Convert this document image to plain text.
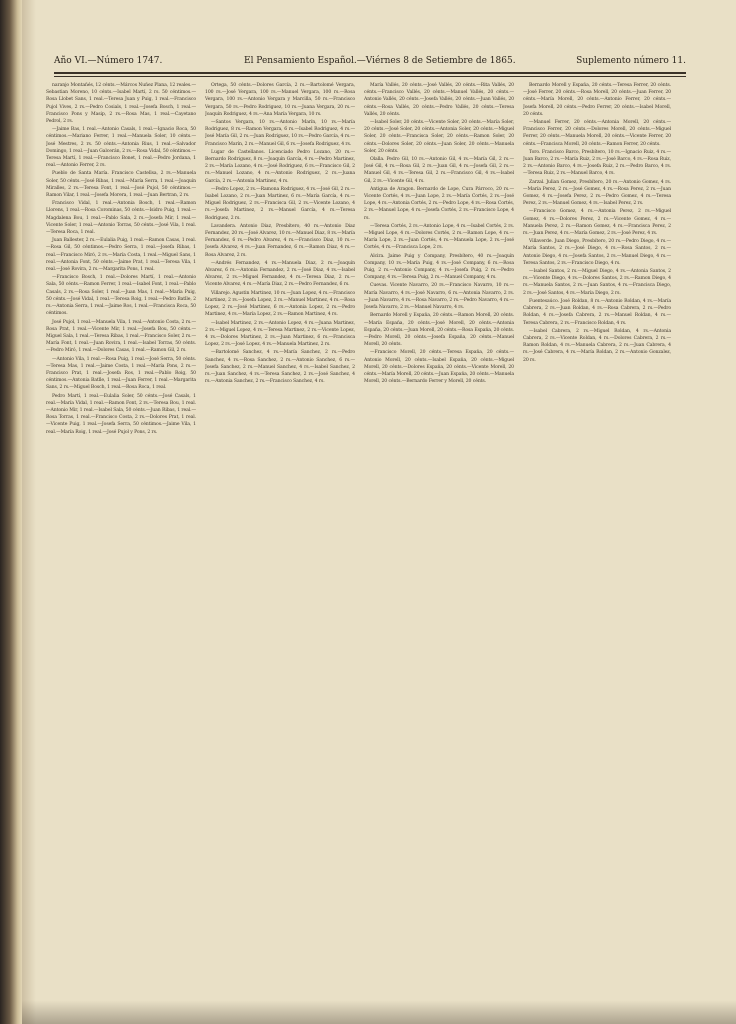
Año VI.—Número 1747.	El Pensamiento Español.—Viérnes 8 de Setiembre de 1865.	Suplemento número 11.

naranjo Montañés, 12 cénts.—Márcos Nuñez Plana, 12 reales.—Sebastian Moreno, 10 cénts.—Isabel Martí, 2 rs. 50 céntimos.—Rosa Llobet Sans, 1 real.—Teresa Juan y Puig, 1 real.—Francisco Pujol Vives, 2 rs.—Pedro Cosials, 1 real.—Josefa Bosch, 1 real.—Francisco Pons y Masip, 2 rs.—Rosa Mas, 1 real.—Cayetano Pedrol, 2 rs.

—Jaime Bas, 1 real.—Antonio Casals, 1 real.—Ignacio Roca, 50 céntimos.—Mariano Ferrer, 1 real.—Manuela Soler, 10 cénts.—José Mestres, 2 rs. 50 cénts.—Antonia Rius, 1 real.—Salvador Domingo, 1 real.—Juan Galcerán, 2 rs.—Rosa Vidal, 50 céntimos.—Teresa Martí, 1 real.—Francisco Bonet, 1 real.—Pedro Jordana, 1 real.—Antonio Ferrer, 2 rs.

Pueblo de Santa María. Francisco Castellsa, 2 rs.—Manuela Soler, 50 cénts.—José Ribas, 1 real.—María Serra, 1 real.—Joaquín Miralles, 2 rs.—Teresa Font, 1 real.—José Pujol, 50 céntimos.—Ramon Vilar, 1 real.—Josefa Morera, 1 real.—Juan Bertran, 2 rs.

Francisco Vidal, 1 real.—Antonia Bosch, 1 real.—Ramon Llorens, 1 real.—Rosa Corominas, 50 cénts.—Isidro Puig, 1 real.—Magdalena Bou, 1 real.—Pablo Sala, 2 rs.—Josefa Mir, 1 real.—Vicente Soler, 1 real.—Antonio Torras, 50 cénts.—José Vila, 1 real.—Teresa Roca, 1 real.

Juan Ballester, 2 rs.—Eulalia Puig, 1 real.—Ramon Casas, 1 real.—Rosa Gil, 50 céntimos.—Pedro Serra, 1 real.—Josefa Ribas, 1 real.—Francisco Miró, 2 rs.—María Costa, 1 real.—Miguel Sans, 1 real.—Antonia Font, 50 cénts.—Jaime Prat, 1 real.—Teresa Vila, 1 real.—José Rovira, 2 rs.—Margarita Pons, 1 real.

—Francisco Bosch, 1 real.—Dolores Martí, 1 real.—Antonio Sala, 50 cénts.—Ramon Ferrer, 1 real.—Isabel Font, 1 real.—Pablo Casals, 2 rs.—Rosa Soler, 1 real.—Juan Mas, 1 real.—María Puig, 50 cénts.—José Vidal, 1 real.—Teresa Roig, 1 real.—Pedro Batlle, 2 rs.—Antonia Serra, 1 real.—Jaime Ros, 1 real.—Francisca Roca, 50 céntimos.

José Pujol, 1 real.—Manuela Vila, 1 real.—Antonio Costa, 2 rs.—Rosa Prat, 1 real.—Vicente Mir, 1 real.—Josefa Bou, 50 cénts.—Miguel Sala, 1 real.—Teresa Ribas, 1 real.—Francisco Soler, 2 rs.—María Font, 1 real.—Juan Rovira, 1 real.—Isabel Torras, 50 cénts.—Pedro Miró, 1 real.—Dolores Casas, 1 real.—Ramon Gil, 2 rs.

—Antonio Vila, 1 real.—Rosa Puig, 1 real.—José Serra, 50 cénts.—Teresa Mas, 1 real.—Jaime Costa, 1 real.—María Pons, 2 rs.—Francisco Prat, 1 real.—Josefa Ros, 1 real.—Pablo Roig, 50 céntimos.—Antonia Batlle, 1 real.—Juan Ferrer, 1 real.—Margarita Sans, 2 rs.—Miguel Bosch, 1 real.—Rosa Roca, 1 real.

Pedro Martí, 1 real.—Eulalia Soler, 50 cénts.—José Casals, 1 real.—María Vidal, 1 real.—Ramon Font, 2 rs.—Teresa Bou, 1 real.—Antonio Mir, 1 real.—Isabel Sala, 50 cénts.—Juan Ribas, 1 real.—Rosa Torras, 1 real.—Francisco Costa, 2 rs.—Dolores Prat, 1 real.—Vicente Puig, 1 real.—Josefa Serra, 50 céntimos.—Jaime Vila, 1 real.—María Roig, 1 real.—José Pujol y Pons, 2 rs.

Ortega, 50 cénts.—Dolores García, 2 rs.—Bartolomé Vergara, 100 rs.—José Vergara, 100 rs.—Manuel Vergara, 100 rs.—Rosa Vergara, 100 rs.—Antonio Vergara y Marcilla, 50 rs.—Francisco Vergara, 50 rs.—Pedro Rodriguez, 10 rs.—Juana Vergara, 20 rs.—Joaquín Rodriguez, 4 rs.—Ana María Vergara, 10 rs.

—Santos Vergara, 10 rs.—Antonio Marín, 10 rs.—María Rodriguez, 8 rs.—Ramon Vergara, 6 rs.—Isabel Rodriguez, 4 rs.—José María Gil, 2 rs.—Juan Rodriguez, 10 rs.—Pedro García, 4 rs.—Francisco Marín, 2 rs.—Manuel Gil, 6 rs.—Josefa Rodriguez, 4 rs.

Lugar de Castellanos. Licenciado Pedro Lozano, 20 rs.—Bernardo Rodriguez, 8 rs.—Joaquín García, 4 rs.—Pedro Martinez, 2 rs.—María Lozano, 4 rs.—José Rodriguez, 6 rs.—Francisco Gil, 2 rs.—Manuel Lozano, 4 rs.—Antonio Rodriguez, 2 rs.—Juana García, 2 rs.—Antonia Martinez, 4 rs.

—Pedro Lopez, 2 rs.—Ramona Rodriguez, 4 rs.—José Gil, 2 rs.—Isabel Lozano, 2 rs.—Juan Martinez, 6 rs.—María García, 4 rs.—Miguel Rodriguez, 2 rs.—Francisca Gil, 2 rs.—Vicente Lozano, 4 rs.—Josefa Martinez, 2 rs.—Manuel García, 4 rs.—Teresa Rodriguez, 2 rs.

Lavandera. Antonio Diaz, Presbítero, 40 rs.—Antonio Diaz Fernandez, 20 rs.—José Alvarez, 10 rs.—Manuel Diaz, 8 rs.—María Fernandez, 6 rs.—Pedro Alvarez, 4 rs.—Francisco Diaz, 10 rs.—Josefa Alvarez, 4 rs.—Juan Fernandez, 6 rs.—Ramon Diaz, 4 rs.—Rosa Alvarez, 2 rs.

—Andrés Fernandez, 4 rs.—Manuela Diaz, 2 rs.—Joaquín Alvarez, 6 rs.—Antonia Fernandez, 2 rs.—José Diaz, 4 rs.—Isabel Alvarez, 2 rs.—Miguel Fernandez, 4 rs.—Teresa Diaz, 2 rs.—Vicente Alvarez, 4 rs.—María Diaz, 2 rs.—Pedro Fernandez, 6 rs.

Villarejo. Agustin Martinez, 10 rs.—Juan Lopez, 4 rs.—Francisco Martinez, 2 rs.—Josefa Lopez, 2 rs.—Manuel Martinez, 4 rs.—Rosa Lopez, 2 rs.—José Martinez, 6 rs.—Antonia Lopez, 2 rs.—Pedro Martinez, 4 rs.—María Lopez, 2 rs.—Ramon Martinez, 4 rs.

—Isabel Martinez, 2 rs.—Antonio Lopez, 4 rs.—Juana Martinez, 2 rs.—Miguel Lopez, 4 rs.—Teresa Martinez, 2 rs.—Vicente Lopez, 4 rs.—Dolores Martinez, 2 rs.—Juan Martinez, 6 rs.—Francisca Lopez, 2 rs.—José Lopez, 4 rs.—Manuela Martinez, 2 rs.

—Bartolomé Sanchez, 4 rs.—María Sanchez, 2 rs.—Pedro Sanchez, 4 rs.—Rosa Sanchez, 2 rs.—Antonio Sanchez, 6 rs.—Josefa Sanchez, 2 rs.—Manuel Sanchez, 4 rs.—Isabel Sanchez, 2 rs.—Juan Sanchez, 4 rs.—Teresa Sanchez, 2 rs.—José Sanchez, 4 rs.—Antonia Sanchez, 2 rs.—Francisco Sanchez, 4 rs.

María Vallés, 20 cénts.—José Vallés, 20 cénts.—Rita Vallés, 20 cénts.—Francisco Vallés, 20 cénts.—Manuel Vallés, 20 cénts.—Antonio Vallés, 20 cénts.—Josefa Vallés, 20 cénts.—Juan Vallés, 20 cénts.—Rosa Vallés, 20 cénts.—Pedro Vallés, 20 cénts.—Teresa Vallés, 20 cénts.

—Isabel Soler, 20 cénts.—Vicente Soler, 20 cénts.—María Soler, 20 cénts.—José Soler, 20 cénts.—Antonia Soler, 20 cénts.—Miguel Soler, 20 cénts.—Francisca Soler, 20 cénts.—Ramon Soler, 20 cénts.—Dolores Soler, 20 cénts.—Juan Soler, 20 cénts.—Manuela Soler, 20 cénts.

Olalla. Pedro Gil, 10 rs.—Antonio Gil, 4 rs.—María Gil, 2 rs.—José Gil, 4 rs.—Rosa Gil, 2 rs.—Juan Gil, 4 rs.—Josefa Gil, 2 rs.—Manuel Gil, 4 rs.—Teresa Gil, 2 rs.—Francisco Gil, 4 rs.—Isabel Gil, 2 rs.—Vicente Gil, 4 rs.

Antigua de Aragon. Bernardo de Lope, Cura Párroco, 20 rs.—Vicente Cortés, 4 rs.—Juan Lope, 2 rs.—María Cortés, 2 rs.—José Lope, 4 rs.—Antonia Cortés, 2 rs.—Pedro Lope, 4 rs.—Rosa Cortés, 2 rs.—Manuel Lope, 4 rs.—Josefa Cortés, 2 rs.—Francisco Lope, 4 rs.

—Teresa Cortés, 2 rs.—Antonio Lope, 4 rs.—Isabel Cortés, 2 rs.—Miguel Lope, 4 rs.—Dolores Cortés, 2 rs.—Ramon Lope, 4 rs.—María Lope, 2 rs.—Juan Cortés, 4 rs.—Manuela Lope, 2 rs.—José Cortés, 4 rs.—Francisca Lope, 2 rs.

Alcira. Jaime Puig y Company, Presbítero, 40 rs.—Joaquín Company, 10 rs.—María Puig, 4 rs.—José Company, 6 rs.—Rosa Puig, 2 rs.—Antonio Company, 4 rs.—Josefa Puig, 2 rs.—Pedro Company, 4 rs.—Teresa Puig, 2 rs.—Manuel Company, 4 rs.

Cuevas. Vicente Navarro, 20 rs.—Francisco Navarro, 10 rs.—María Navarro, 4 rs.—José Navarro, 6 rs.—Antonia Navarro, 2 rs.—Juan Navarro, 4 rs.—Rosa Navarro, 2 rs.—Pedro Navarro, 4 rs.—Josefa Navarro, 2 rs.—Manuel Navarro, 4 rs.

Bernardo Morell y España, 20 cénts.—Ramon Morell, 20 cénts.—María España, 20 cénts.—José Morell, 20 cénts.—Antonia España, 20 cénts.—Juan Morell, 20 cénts.—Rosa España, 20 cénts.—Pedro Morell, 20 cénts.—Josefa España, 20 cénts.—Manuel Morell, 20 cénts.

—Francisco Morell, 20 cénts.—Teresa España, 20 cénts.—Antonio Morell, 20 cénts.—Isabel España, 20 cénts.—Miguel Morell, 20 cénts.—Dolores España, 20 cénts.—Vicente Morell, 20 cénts.—María Morell, 20 cénts.—Juan España, 20 cénts.—Manuela Morell, 20 cénts.—Bernardo Ferrer y Morell, 20 cénts.

Bernardo Morell y España, 20 cénts.—Teresa Ferrer, 20 cénts.—José Ferrer, 20 cénts.—Rosa Morell, 20 cénts.—Juan Ferrer, 20 cénts.—María Morell, 20 cénts.—Antonio Ferrer, 20 cénts.—Josefa Morell, 20 cénts.—Pedro Ferrer, 20 cénts.—Isabel Morell, 20 cénts.

—Manuel Ferrer, 20 cénts.—Antonia Morell, 20 cénts.—Francisco Ferrer, 20 cénts.—Dolores Morell, 20 cénts.—Miguel Ferrer, 20 cénts.—Manuela Morell, 20 cénts.—Vicente Ferrer, 20 cénts.—Francisca Morell, 20 cénts.—Ramon Ferrer, 20 cénts.

Toro. Francisco Barco, Presbítero, 10 rs.—Ignacio Ruiz, 4 rs.—Juan Barco, 2 rs.—María Ruiz, 2 rs.—José Barco, 4 rs.—Rosa Ruiz, 2 rs.—Antonio Barco, 4 rs.—Josefa Ruiz, 2 rs.—Pedro Barco, 4 rs.—Teresa Ruiz, 2 rs.—Manuel Barco, 4 rs.

Zarzal. Julian Gomez, Presbítero, 20 rs.—Antonio Gomez, 4 rs.—María Perez, 2 rs.—José Gomez, 4 rs.—Rosa Perez, 2 rs.—Juan Gomez, 4 rs.—Josefa Perez, 2 rs.—Pedro Gomez, 4 rs.—Teresa Perez, 2 rs.—Manuel Gomez, 4 rs.—Isabel Perez, 2 rs.

—Francisco Gomez, 4 rs.—Antonia Perez, 2 rs.—Miguel Gomez, 4 rs.—Dolores Perez, 2 rs.—Vicente Gomez, 4 rs.—Manuela Perez, 2 rs.—Ramon Gomez, 4 rs.—Francisca Perez, 2 rs.—Juan Perez, 4 rs.—María Gomez, 2 rs.—José Perez, 4 rs.

Villaverde. Juan Diego, Presbítero, 20 rs.—Pedro Diego, 4 rs.—María Santos, 2 rs.—José Diego, 4 rs.—Rosa Santos, 2 rs.—Antonio Diego, 4 rs.—Josefa Santos, 2 rs.—Manuel Diego, 4 rs.—Teresa Santos, 2 rs.—Francisco Diego, 4 rs.

—Isabel Santos, 2 rs.—Miguel Diego, 4 rs.—Antonia Santos, 2 rs.—Vicente Diego, 4 rs.—Dolores Santos, 2 rs.—Ramon Diego, 4 rs.—Manuela Santos, 2 rs.—Juan Santos, 4 rs.—Francisca Diego, 2 rs.—José Santos, 4 rs.—María Diego, 2 rs.

Fuentesaúco. José Roldan, 8 rs.—Antonio Roldan, 4 rs.—María Cabrera, 2 rs.—Juan Roldan, 4 rs.—Rosa Cabrera, 2 rs.—Pedro Roldan, 4 rs.—Josefa Cabrera, 2 rs.—Manuel Roldan, 4 rs.—Teresa Cabrera, 2 rs.—Francisco Roldan, 4 rs.

—Isabel Cabrera, 2 rs.—Miguel Roldan, 4 rs.—Antonia Cabrera, 2 rs.—Vicente Roldan, 4 rs.—Dolores Cabrera, 2 rs.—Ramon Roldan, 4 rs.—Manuela Cabrera, 2 rs.—Juan Cabrera, 4 rs.—José Cabrera, 4 rs.—María Roldan, 2 rs.—Antonio Gonzalez, 20 rs.
